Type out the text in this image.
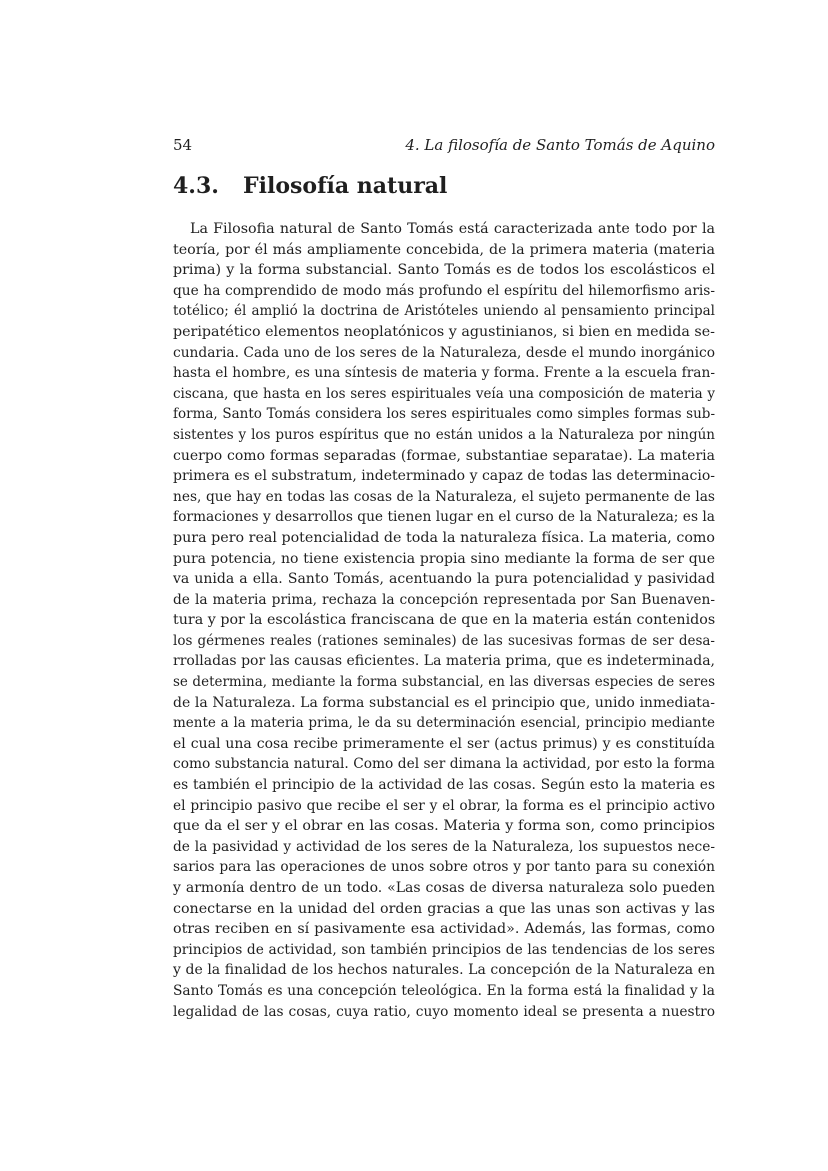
54	4. La filosofía de Santo Tomás de Aquino
4.3. Filosofía natural
La Filosofia natural de Santo Tomás está caracterizada ante todo por la
teoría, por él más ampliamente concebida, de la primera materia (materia
prima) y la forma substancial. Santo Tomás es de todos los escolásticos el
que ha comprendido de modo más profundo el espíritu del hilemorfismo aris-
totélico; él amplió la doctrina de Aristóteles uniendo al pensamiento principal
peripatético elementos neoplatónicos y agustinianos, si bien en medida se-
cundaria. Cada uno de los seres de la Naturaleza, desde el mundo inorgánico
hasta el hombre, es una síntesis de materia y forma. Frente a la escuela fran-
ciscana, que hasta en los seres espirituales veía una composición de materia y
forma, Santo Tomás considera los seres espirituales como simples formas sub-
sistentes y los puros espíritus que no están unidos a la Naturaleza por ningún
cuerpo como formas separadas (formae, substantiae separatae). La materia
primera es el substratum, indeterminado y capaz de todas las determinacio-
nes, que hay en todas las cosas de la Naturaleza, el sujeto permanente de las
formaciones y desarrollos que tienen lugar en el curso de la Naturaleza; es la
pura pero real potencialidad de toda la naturaleza física. La materia, como
pura potencia, no tiene existencia propia sino mediante la forma de ser que
va unida a ella. Santo Tomás, acentuando la pura potencialidad y pasividad
de la materia prima, rechaza la concepción representada por San Buenaven-
tura y por la escolástica franciscana de que en la materia están contenidos
los gérmenes reales (rationes seminales) de las sucesivas formas de ser desa-
rrolladas por las causas eficientes. La materia prima, que es indeterminada,
se determina, mediante la forma substancial, en las diversas especies de seres
de la Naturaleza. La forma substancial es el principio que, unido inmediata-
mente a la materia prima, le da su determinación esencial, principio mediante
el cual una cosa recibe primeramente el ser (actus primus) y es constituída
como substancia natural. Como del ser dimana la actividad, por esto la forma
es también el principio de la actividad de las cosas. Según esto la materia es
el principio pasivo que recibe el ser y el obrar, la forma es el principio activo
que da el ser y el obrar en las cosas. Materia y forma son, como principios
de la pasividad y actividad de los seres de la Naturaleza, los supuestos nece-
sarios para las operaciones de unos sobre otros y por tanto para su conexión
y armonía dentro de un todo. «Las cosas de diversa naturaleza solo pueden
conectarse en la unidad del orden gracias a que las unas son activas y las
otras reciben en sí pasivamente esa actividad». Además, las formas, como
principios de actividad, son también principios de las tendencias de los seres
y de la finalidad de los hechos naturales. La concepción de la Naturaleza en
Santo Tomás es una concepción teleológica. En la forma está la finalidad y la
legalidad de las cosas, cuya ratio, cuyo momento ideal se presenta a nuestro
